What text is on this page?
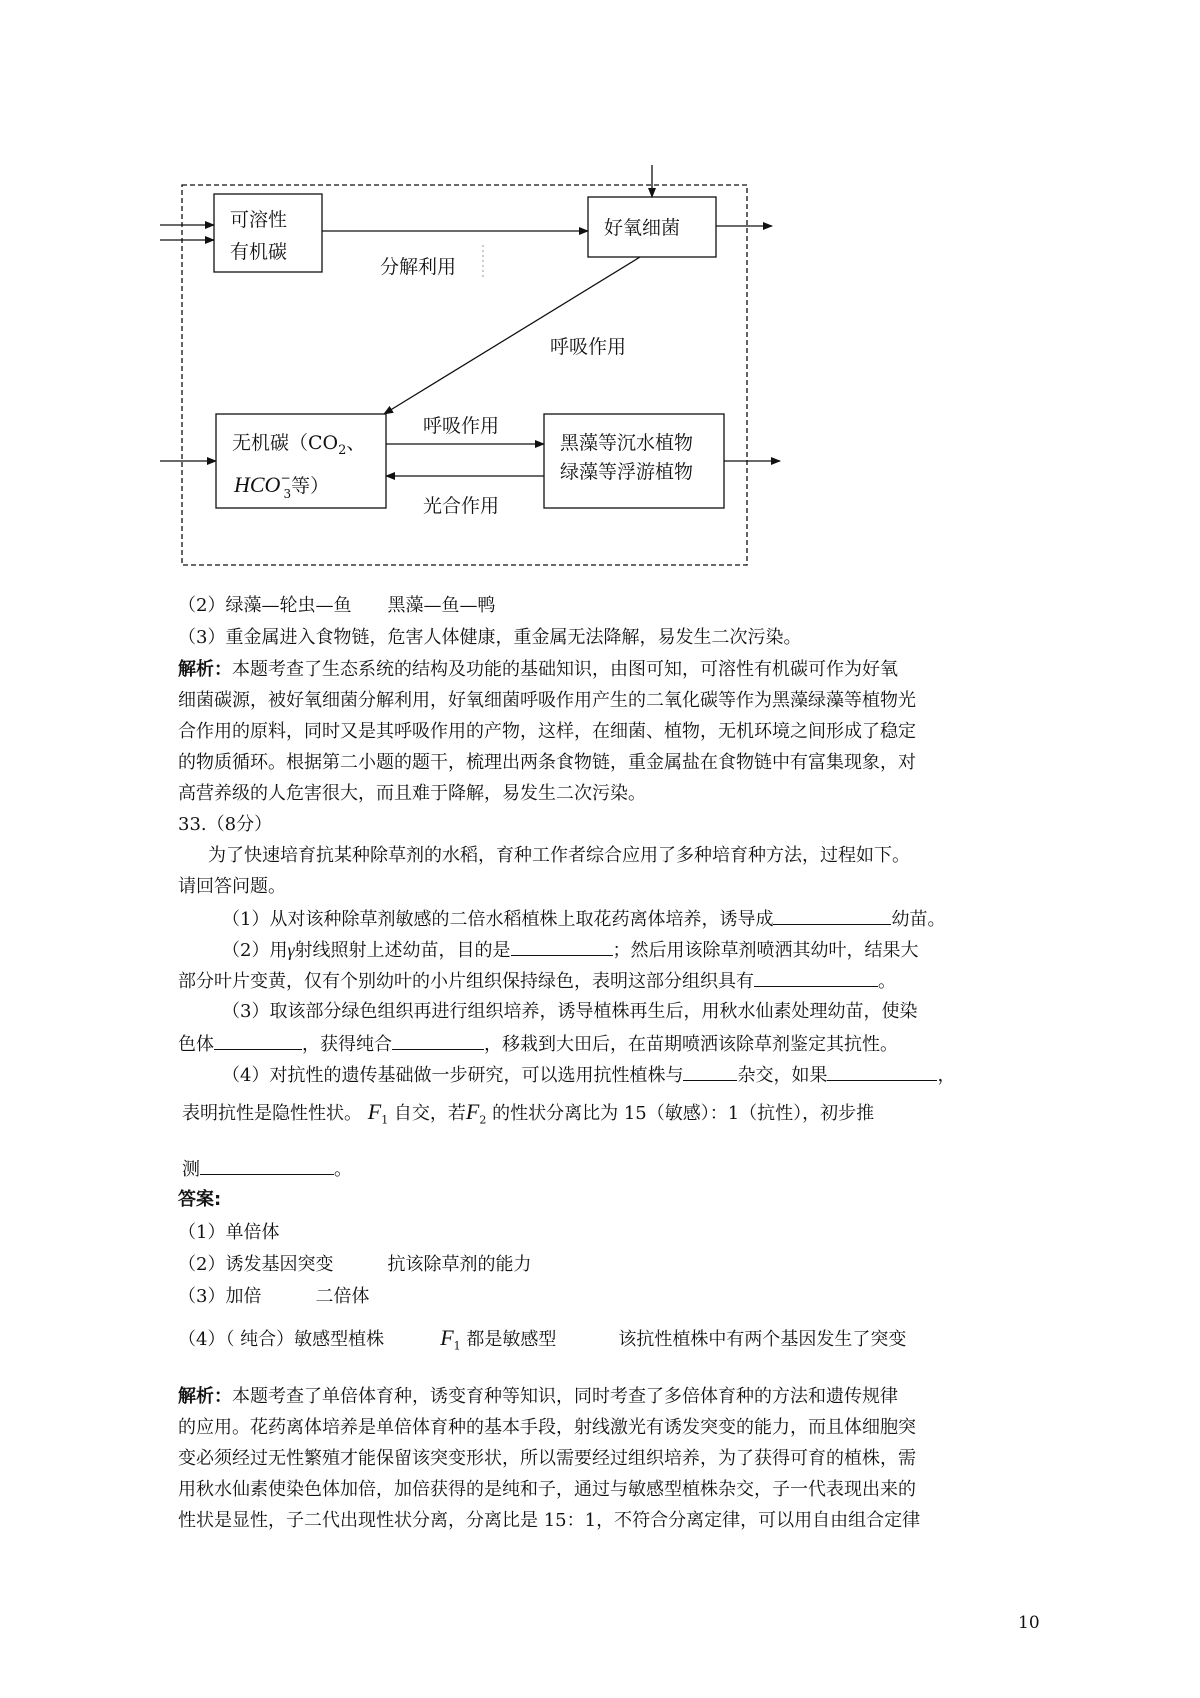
可溶性
有机碳
好氧细菌
无机碳（$CO_2$、
HCO− 3等）
黑藻等沉水植物
绿藻等浮游植物
分解利用
呼吸作用
呼吸作用
光合作用
（2）绿藻—轮虫—鱼　　黑藻—鱼—鸭
（3）重金属进入食物链，危害人体健康，重金属无法降解，易发生二次污染。
解析：本题考查了生态系统的结构及功能的基础知识，由图可知，可溶性有机碳可作为好氧
细菌碳源，被好氧细菌分解利用，好氧细菌呼吸作用产生的二氧化碳等作为黑藻绿藻等植物光
合作用的原料，同时又是其呼吸作用的产物，这样，在细菌、植物，无机环境之间形成了稳定
的物质循环。根据第二小题的题干，梳理出两条食物链，重金属盐在食物链中有富集现象，对
高营养级的人危害很大，而且难于降解，易发生二次污染。
33.（8分）
为了快速培育抗某种除草剂的水稻，育种工作者综合应用了多种培育种方法，过程如下。
请回答问题。
（1）从对该种除草剂敏感的二倍水稻植株上取花药离体培养，诱导成	幼苗。
（2）用γ射线照射上述幼苗，目的是	；然后用该除草剂喷洒其幼叶，结果大
部分叶片变黄，仅有个别幼叶的小片组织保持绿色，表明这部分组织具有	。
（3）取该部分绿色组织再进行组织培养，诱导植株再生后，用秋水仙素处理幼苗，使染
色体	，获得纯合	，移栽到大田后，在苗期喷洒该除草剂鉴定其抗性。
（4）对抗性的遗传基础做一步研究，可以选用抗性植株与	杂交，如果	，
表明抗性是隐性性状。 $F_1$ 自交，若$F_2$ 的性状分离比为 15（敏感）：1（抗性），初步推
测	。
答案:
（1）单倍体
（2）诱发基因突变　　　抗该除草剂的能力
（3）加倍　　　二倍体
（4）（ 纯合）敏感型植株	$F_1$ 都是敏感型	该抗性植株中有两个基因发生了突变
解析：本题考查了单倍体育种，诱变育种等知识，同时考查了多倍体育种的方法和遗传规律
的应用。花药离体培养是单倍体育种的基本手段，射线激光有诱发突变的能力，而且体细胞突
变必须经过无性繁殖才能保留该突变形状，所以需要经过组织培养，为了获得可育的植株，需
用秋水仙素使染色体加倍，加倍获得的是纯和子，通过与敏感型植株杂交，子一代表现出来的
性状是显性，子二代出现性状分离，分离比是 15：1，不符合分离定律，可以用自由组合定律
10
